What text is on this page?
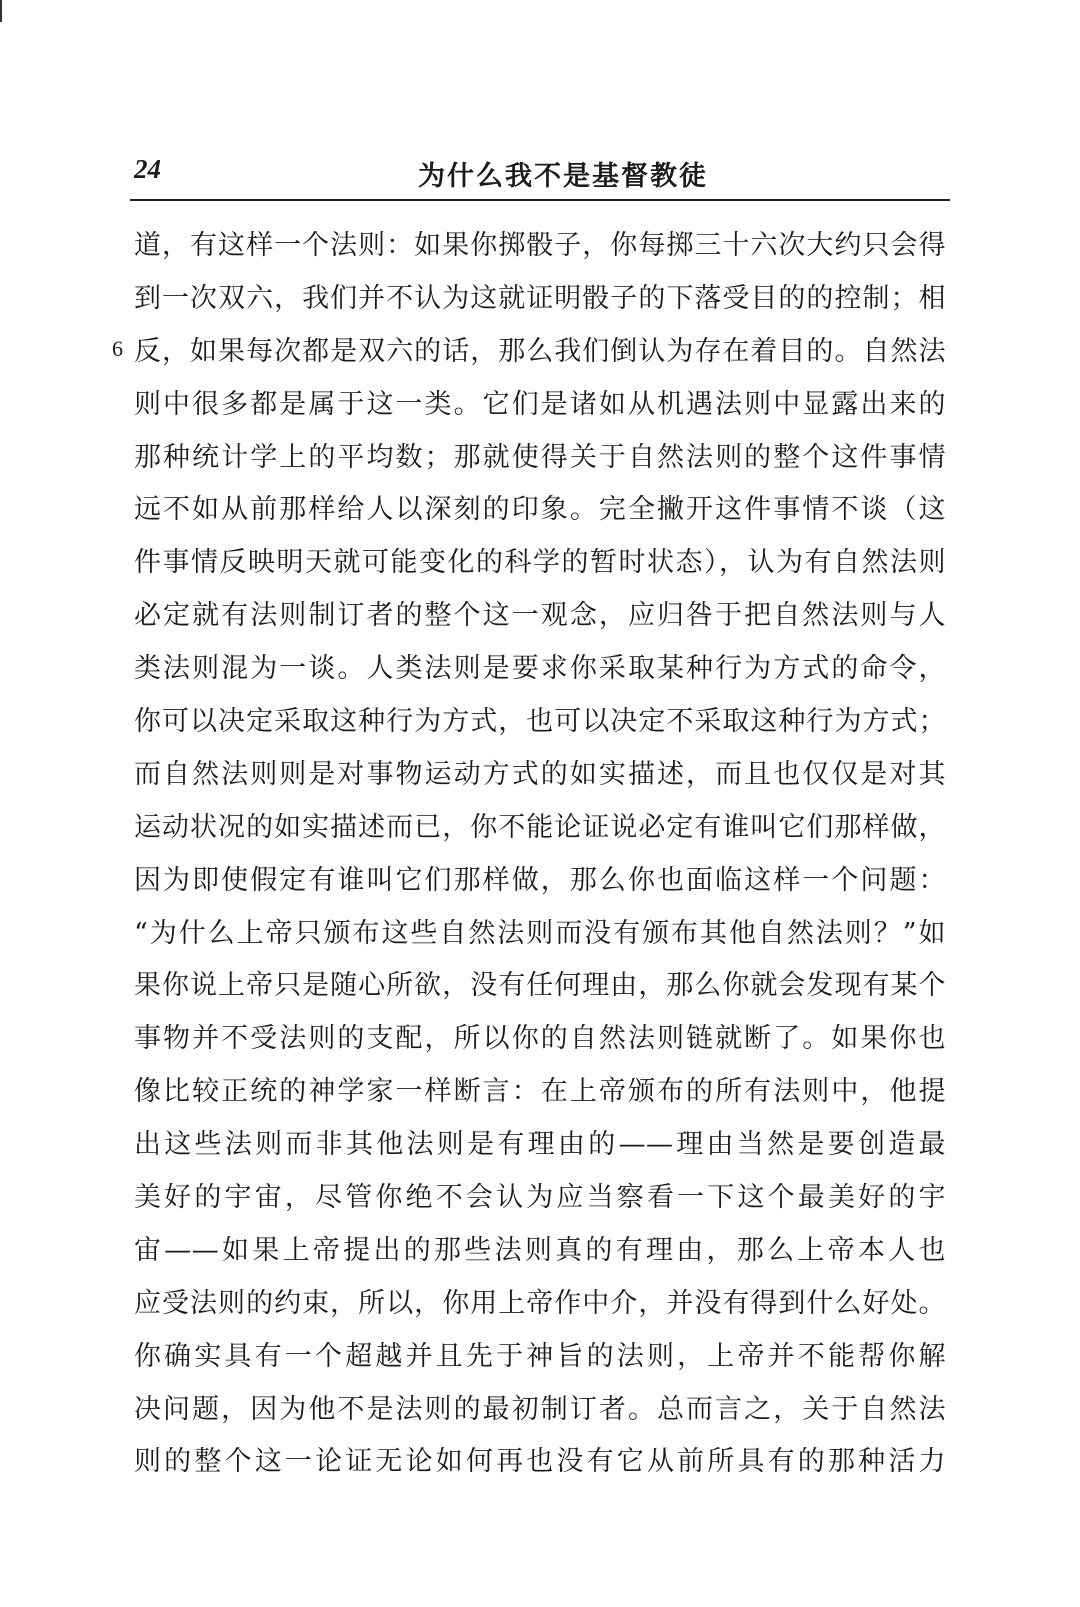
24	为什么我不是基督教徒
6
道，有这样一个法则：如果你掷骰子，你每掷三十六次大约只会得
到一次双六，我们并不认为这就证明骰子的下落受目的的控制；相
反，如果每次都是双六的话，那么我们倒认为存在着目的。自然法
则中很多都是属于这一类。它们是诸如从机遇法则中显露出来的
那种统计学上的平均数；那就使得关于自然法则的整个这件事情
远不如从前那样给人以深刻的印象。完全撇开这件事情不谈（这
件事情反映明天就可能变化的科学的暂时状态），认为有自然法则
必定就有法则制订者的整个这一观念，应归咎于把自然法则与人
类法则混为一谈。人类法则是要求你采取某种行为方式的命令，
你可以决定采取这种行为方式，也可以决定不采取这种行为方式；
而自然法则则是对事物运动方式的如实描述，而且也仅仅是对其
运动状况的如实描述而已，你不能论证说必定有谁叫它们那样做，
因为即使假定有谁叫它们那样做，那么你也面临这样一个问题：
“为什么上帝只颁布这些自然法则而没有颁布其他自然法则？”如
果你说上帝只是随心所欲，没有任何理由，那么你就会发现有某个
事物并不受法则的支配，所以你的自然法则链就断了。如果你也
像比较正统的神学家一样断言：在上帝颁布的所有法则中，他提
出这些法则而非其他法则是有理由的——理由当然是要创造最
美好的宇宙，尽管你绝不会认为应当察看一下这个最美好的宇
宙——如果上帝提出的那些法则真的有理由，那么上帝本人也
应受法则的约束，所以，你用上帝作中介，并没有得到什么好处。
你确实具有一个超越并且先于神旨的法则，上帝并不能帮你解
决问题，因为他不是法则的最初制订者。总而言之，关于自然法
则的整个这一论证无论如何再也没有它从前所具有的那种活力
